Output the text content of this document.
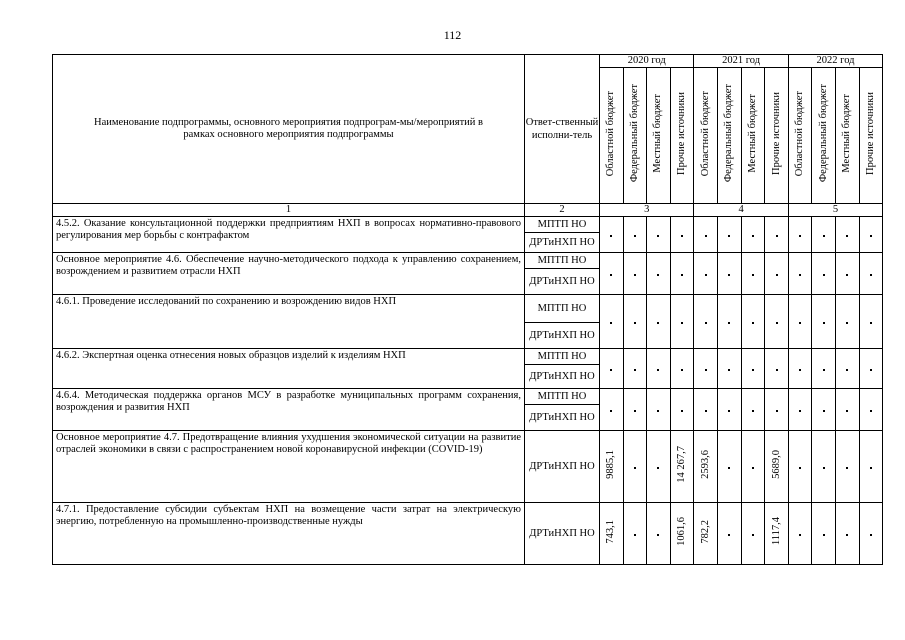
112
Наименование подпрограммы, основного мероприятия подпрограм-мы/мероприятий в рамках основного мероприятия подпрограммы	Ответ-ственный исполни-тель	2020 год				2021 год				2022 год			
		Областной бюджет	Федеральный бюджет	Местный бюджет	Прочие источники	Областной бюджет	Федеральный бюджет	Местный бюджет	Прочие источники	Областной бюджет	Федеральный бюджет	Местный бюджет	Прочие источники
1	2	3				4				5			
4.5.2. Оказание консультационной поддержки предприятиям НХП в вопросах нормативно-правового регулирования мер борьбы с контрафактом	МПТП НО												
	ДРТиНХП НО												
Основное мероприятие 4.6. Обеспечение научно-методического подхода к управлению сохранением, возрождением и развитием отрасли НХП	МПТП НО												
	ДРТиНХП НО												
4.6.1. Проведение исследований по сохранению и возрождению видов НХП	МПТП НО												
	ДРТиНХП НО												
4.6.2. Экспертная оценка отнесения новых образцов изделий к изделиям НХП	МПТП НО												
	ДРТиНХП НО												
4.6.4. Методическая поддержка органов МСУ в разработке муниципальных программ сохранения, возрождения и развития НХП	МПТП НО												
	ДРТиНХП НО												
Основное мероприятие 4.7. Предотвращение влияния ухудшения экономической ситуации на развитие отраслей экономики в связи с распространением новой коронавирусной инфекции (COVID-19)	ДРТиНХП НО	9885,1			14 267,7	2593,6			5689,0				
4.7.1. Предоставление субсидии субъектам НХП на возмещение части затрат на электрическую энергию, потребленную на промышленно-производственные нужды	ДРТиНХП НО	743,1			1061,6	782,2			1117,4				
